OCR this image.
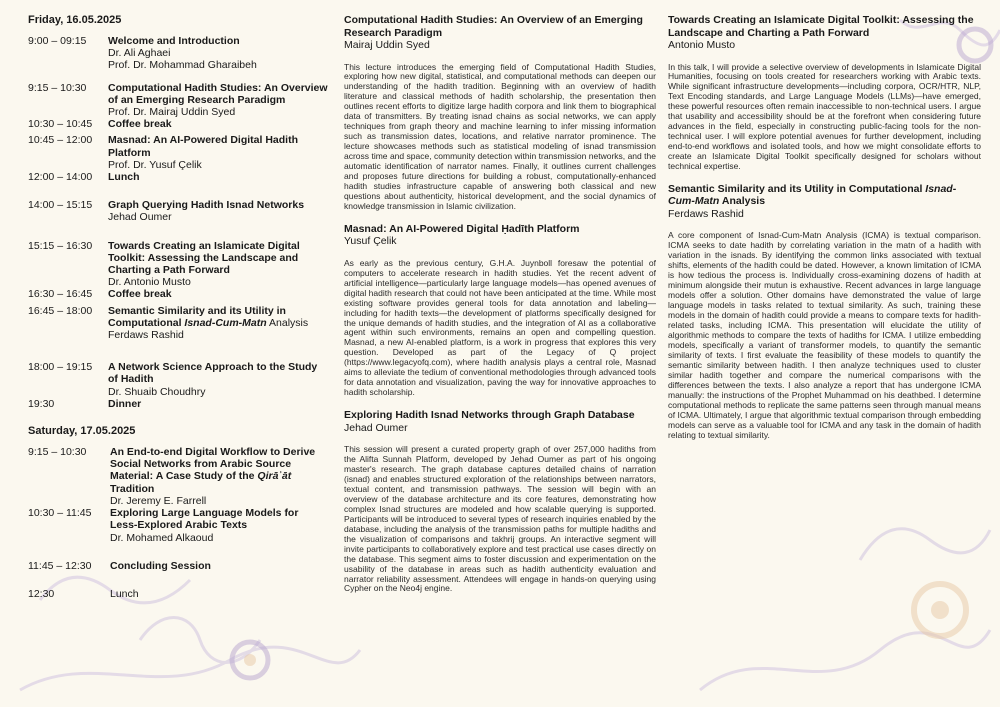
Friday, 16.05.2025
9:00 – 09:15	Welcome and Introduction
Dr. Ali Aghaei
Prof. Dr. Mohammad Gharaibeh
9:15 – 10:30	Computational Hadith Studies: An Overview of an Emerging Research Paradigm
Prof. Dr. Mairaj Uddin Syed
10:30 – 10:45	Coffee break
10:45 – 12:00	Masnad: An AI-Powered Digital Hadith Platform
Prof. Dr. Yusuf Çelik
12:00 – 14:00	Lunch
14:00 – 15:15	Graph Querying Hadith Isnad Networks
Jehad Oumer
15:15 – 16:30	Towards Creating an Islamicate Digital Toolkit: Assessing the Landscape and Charting a Path Forward
Dr. Antonio Musto
16:30 – 16:45	Coffee break
16:45 – 18:00	Semantic Similarity and its Utility in Computational Isnad-Cum-Matn Analysis
Ferdaws Rashid
18:00 – 19:15	A Network Science Approach to the Study of Hadith
Dr. Shuaib Choudhry
19:30	Dinner
Saturday, 17.05.2025
9:15 – 10:30	An End-to-end Digital Workflow to Derive Social Networks from Arabic Source Material: A Case Study of the Qirāʾāt Tradition
Dr. Jeremy E. Farrell
10:30 – 11:45	Exploring Large Language Models for Less-Explored Arabic Texts
Dr. Mohamed Alkaoud
11:45 – 12:30	Concluding Session
12:30	Lunch
Computational Hadith Studies: An Overview of an Emerging Research Paradigm
Mairaj Uddin Syed
This lecture introduces the emerging field of Computational Hadith Studies, exploring how new digital, statistical, and computational methods can deepen our understanding of the hadith tradition. Beginning with an overview of hadith literature and classical methods of hadith scholarship, the presentation then outlines recent efforts to digitize large hadith corpora and link them to biographical data of transmitters. By treating isnad chains as social networks, we can apply techniques from graph theory and machine learning to infer missing information such as transmission dates, locations, and relative narrator prominence. The lecture showcases methods such as statistical modeling of isnad transmission across time and space, community detection within transmission networks, and the automatic identification of narrator names. Finally, it outlines current challenges and proposes future directions for building a robust, computationally-enhanced hadith studies infrastructure capable of answering both classical and new questions about authenticity, historical development, and the social dynamics of knowledge transmission in Islamic civilization.
Masnad: An AI-Powered Digital Ḥadīth Platform
Yusuf Çelik
As early as the previous century, G.H.A. Juynboll foresaw the potential of computers to accelerate research in hadith studies. Yet the recent advent of artificial intelligence—particularly large language models—has opened avenues of digital hadith research that could not have been anticipated at the time. While most existing software provides general tools for data annotation and labeling—including for hadith texts—the development of platforms specifically designed for the unique demands of hadith studies, and the integration of AI as a collaborative agent within such environments, remains an open and compelling question. Masnad, a new AI-enabled platform, is a work in progress that explores this very question. Developed as part of the Legacy of Q project (https://www.legacyofq.com), where hadith analysis plays a central role, Masnad aims to alleviate the tedium of conventional methodologies through advanced tools for data annotation and visualization, paving the way for innovative approaches to hadith scholarship.
Exploring Hadith Isnad Networks through Graph Database
Jehad Oumer
This session will present a curated property graph of over 257,000 hadiths from the Alifta Sunnah Platform, developed by Jehad Oumer as part of his ongoing master's research. The graph database captures detailed chains of narration (isnad) and enables structured exploration of the relationships between narrators, textual content, and transmission pathways. The session will begin with an overview of the database architecture and its core features, demonstrating how complex Isnad structures are modeled and how scalable querying is supported. Participants will be introduced to several types of research inquiries enabled by the database, including the analysis of the transmission paths for multiple hadiths and the visualization of comparisons and takhrij groups. An interactive segment will invite participants to collaboratively explore and test practical use cases directly on the database. This segment aims to foster discussion and experimentation on the usability of the database in areas such as hadith authenticity evaluation and narrator reliability assessment. Attendees will engage in hands-on querying using Cypher on the Neo4j engine.
Towards Creating an Islamicate Digital Toolkit: Assessing the Landscape and Charting a Path Forward
Antonio Musto
In this talk, I will provide a selective overview of developments in Islamicate Digital Humanities, focusing on tools created for researchers working with Arabic texts. While significant infrastructure developments—including corpora, OCR/HTR, NLP, Text Encoding standards, and Large Language Models (LLMs)—have emerged, these powerful resources often remain inaccessible to non-technical users. I argue that usability and accessibility should be at the forefront when considering future advances in the field, especially in constructing public-facing tools for the non-technical user. I will explore potential avenues for further development, including end-to-end workflows and isolated tools, and how we might consolidate efforts to create an Islamicate Digital Toolkit specifically designed for scholars without technical expertise.
Semantic Similarity and its Utility in Computational Isnad-Cum-Matn Analysis
Ferdaws Rashid
A core component of Isnad-Cum-Matn Analysis (ICMA) is textual comparison. ICMA seeks to date hadith by correlating variation in the matn of a hadith with variation in the isnads. By identifying the common links associated with textual shifts, elements of the hadith could be dated. However, a known limitation of ICMA is how tedious the process is. Individually cross-examining dozens of hadith at minimum alongside their mutun is exhaustive. Recent advances in large language models offer a solution. Other domains have demonstrated the value of large language models in tasks related to textual similarity. As such, training these models in the domain of hadith could provide a means to compare texts for hadith-related tasks, including ICMA. This presentation will elucidate the utility of algorithmic methods to compare the texts of hadiths for ICMA. I utilize embedding models, specifically a variant of transformer models, to quantify the semantic similarity of texts. I first evaluate the feasibility of these models to quantify the semantic similarity between hadith. I then analyze techniques used to cluster similar hadith together and compare the numerical comparisons with the differences between the texts. I also analyze a report that has undergone ICMA manually: the instructions of the Prophet Muhammad on his deathbed. I determine computational methods to replicate the same patterns seen through manual means of ICMA. Ultimately, I argue that algorithmic textual comparison through embedding models can serve as a valuable tool for ICMA and any task in the domain of hadith relating to textual similarity.
